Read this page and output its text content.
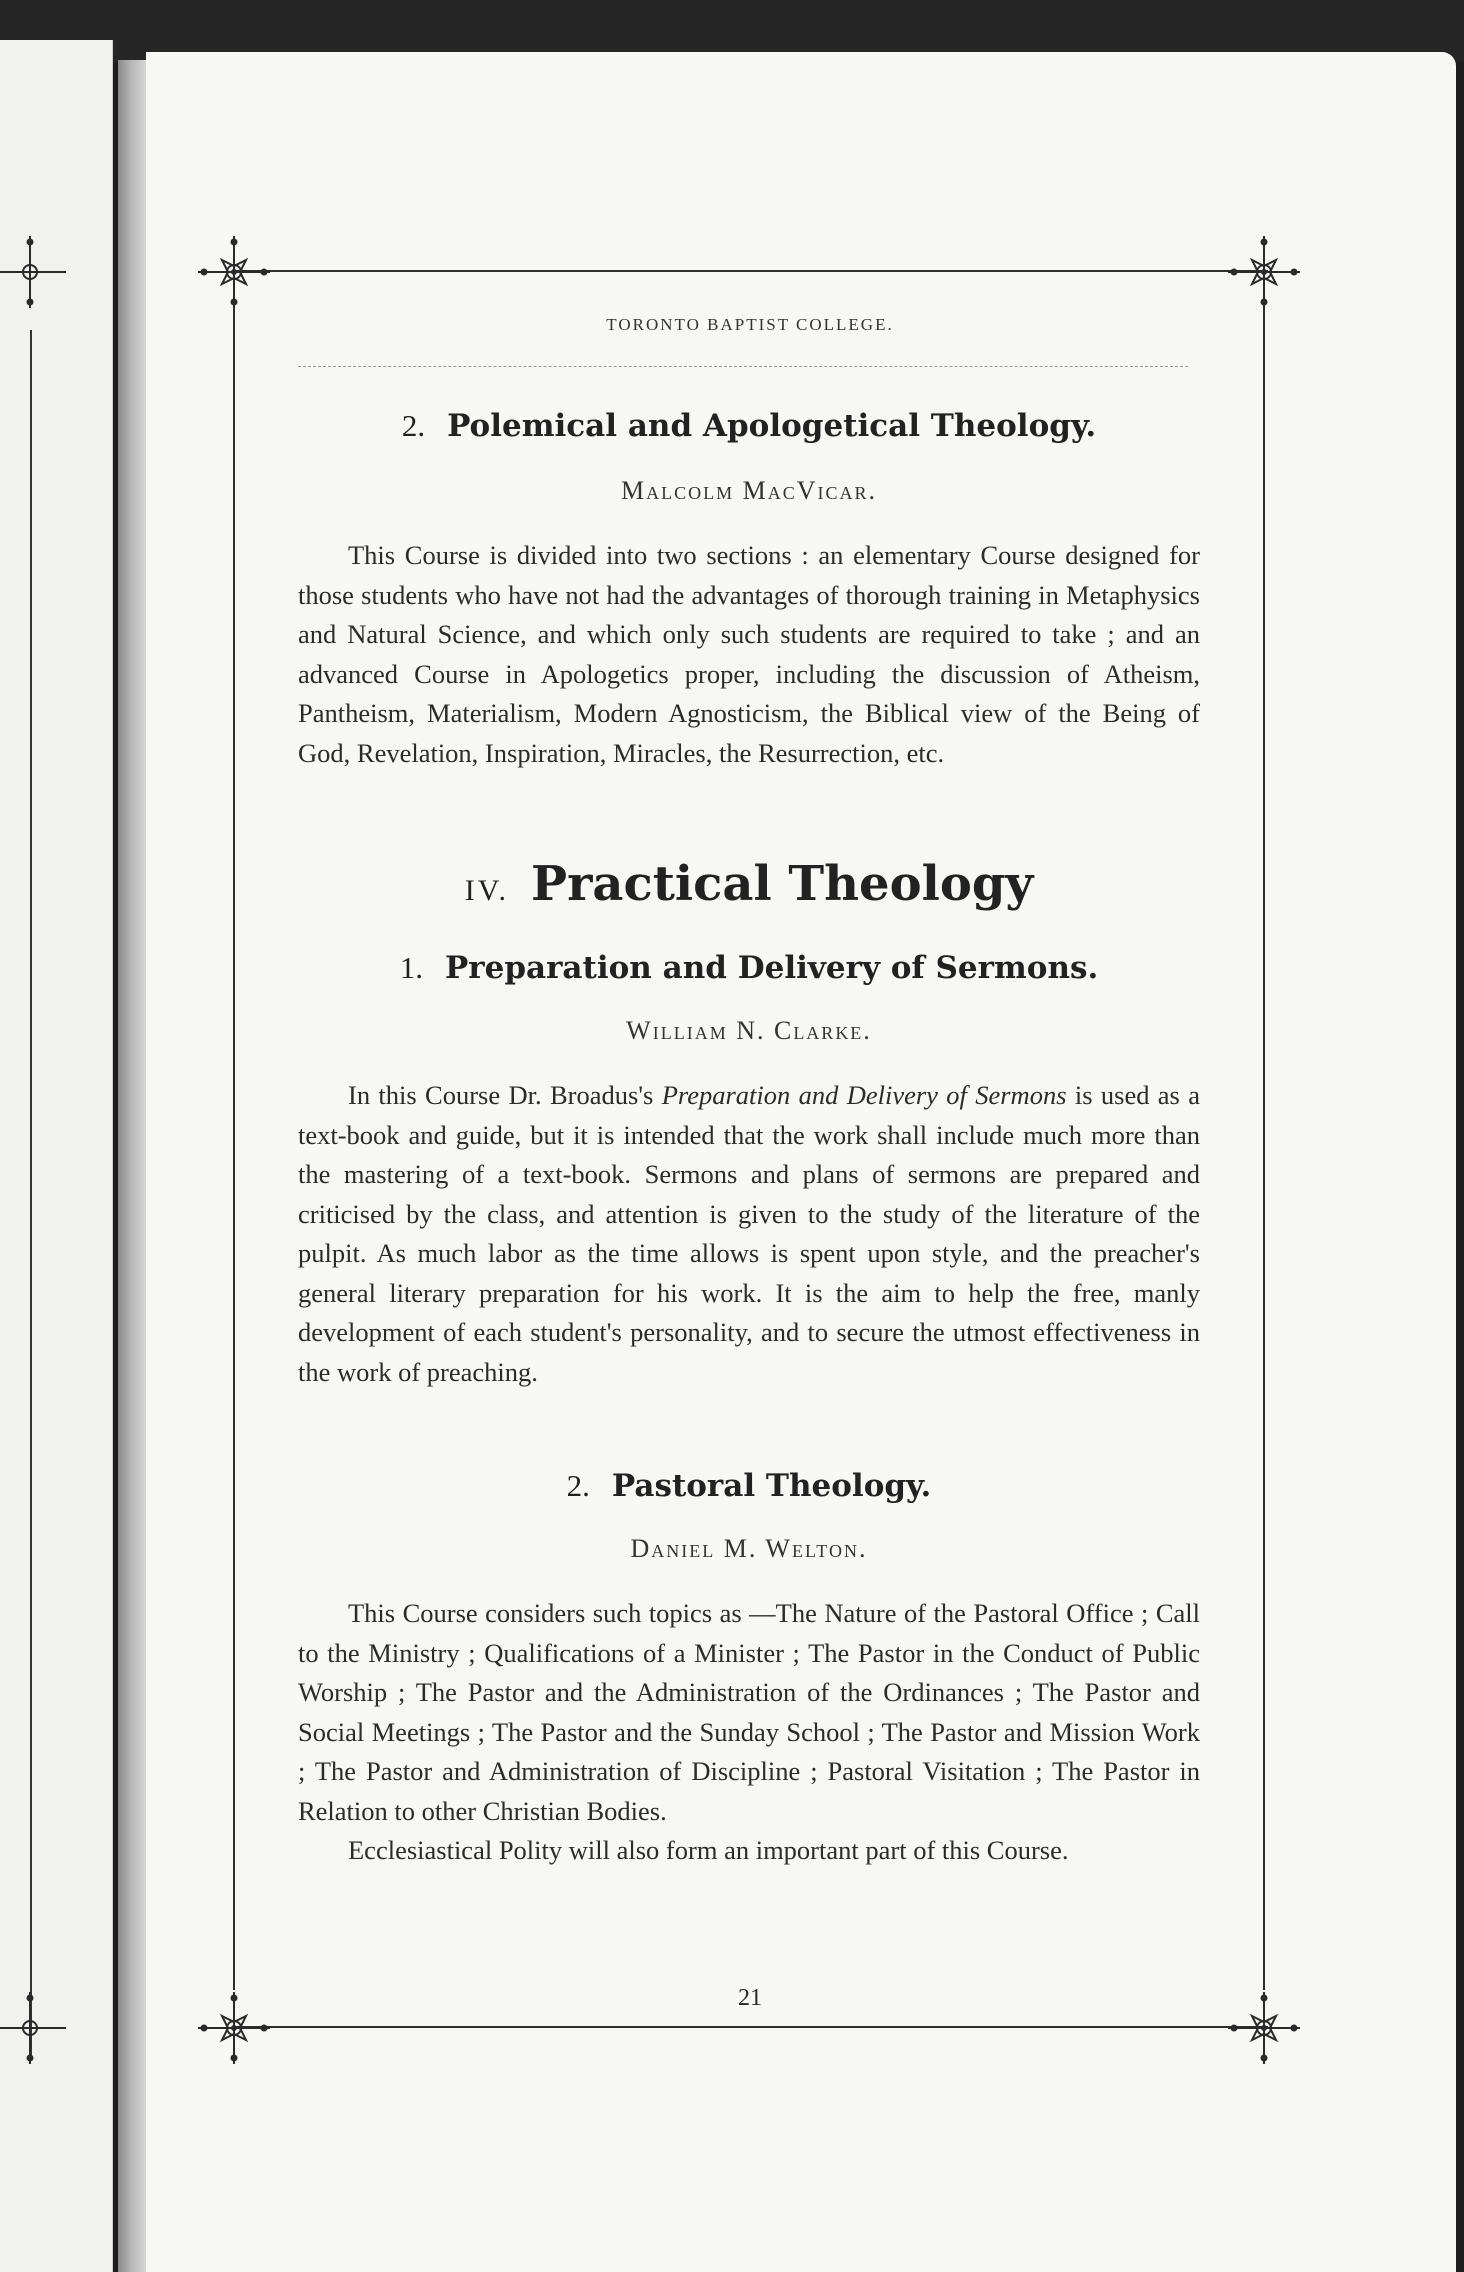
TORONTO BAPTIST COLLEGE.
2. Polemical and Apologetical Theology.
Malcolm MacVicar.

This Course is divided into two sections : an elementary Course designed for those students who have not had the advantages of thorough training in Metaphysics and Natural Science, and which only such students are required to take ; and an advanced Course in Apologetics proper, including the discussion of Atheism, Pantheism, Materialism, Modern Agnosticism, the Biblical view of the Being of God, Revelation, Inspiration, Miracles, the Resurrection, etc.

IV. Practical Theology
1. Preparation and Delivery of Sermons.
William N. Clarke.

In this Course Dr. Broadus's Preparation and Delivery of Sermons is used as a text-book and guide, but it is intended that the work shall include much more than the mastering of a text-book. Sermons and plans of sermons are prepared and criticised by the class, and attention is given to the study of the literature of the pulpit. As much labor as the time allows is spent upon style, and the preacher's general literary preparation for his work. It is the aim to help the free, manly development of each student's personality, and to secure the utmost effectiveness in the work of preaching.

2. Pastoral Theology.
Daniel M. Welton.

This Course considers such topics as —The Nature of the Pastoral Office ; Call to the Ministry ; Qualifications of a Minister ; The Pastor in the Conduct of Public Worship ; The Pastor and the Administration of the Ordinances ; The Pastor and Social Meetings ; The Pastor and the Sunday School ; The Pastor and Mission Work ; The Pastor and Administration of Discipline ; Pastoral Visitation ; The Pastor in Relation to other Christian Bodies.

Ecclesiastical Polity will also form an important part of this Course.

21
